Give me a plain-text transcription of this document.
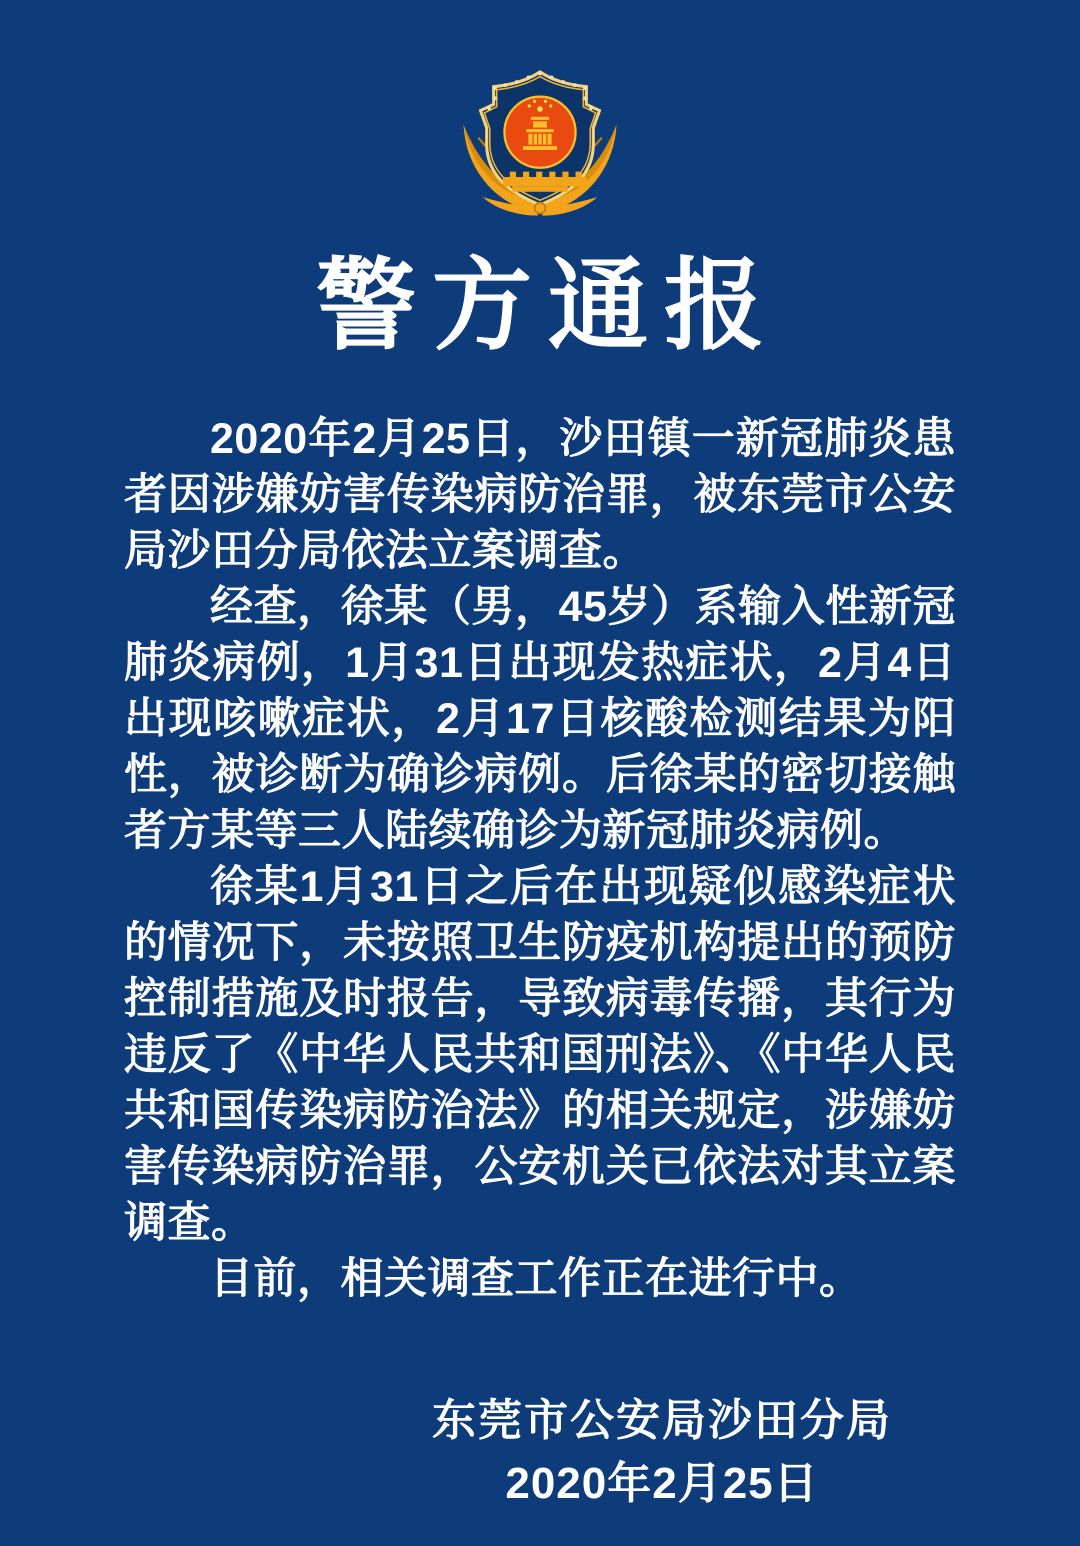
警方通报

2020年2月25日，沙田镇一新冠肺炎患者因涉嫌妨害传染病防治罪，被东莞市公安局沙田分局依法立案调查。

经查，徐某（男，45岁）系输入性新冠肺炎病例，1月31日出现发热症状，2月4日出现咳嗽症状，2月17日核酸检测结果为阳性，被诊断为确诊病例。后徐某的密切接触者方某等三人陆续确诊为新冠肺炎病例。

徐某1月31日之后在出现疑似感染症状的情况下，未按照卫生防疫机构提出的预防控制措施及时报告，导致病毒传播，其行为违反了《中华人民共和国刑法》、《中华人民共和国传染病防治法》的相关规定，涉嫌妨害传染病防治罪，公安机关已依法对其立案调查。

目前，相关调查工作正在进行中。

东莞市公安局沙田分局
2020年2月25日
